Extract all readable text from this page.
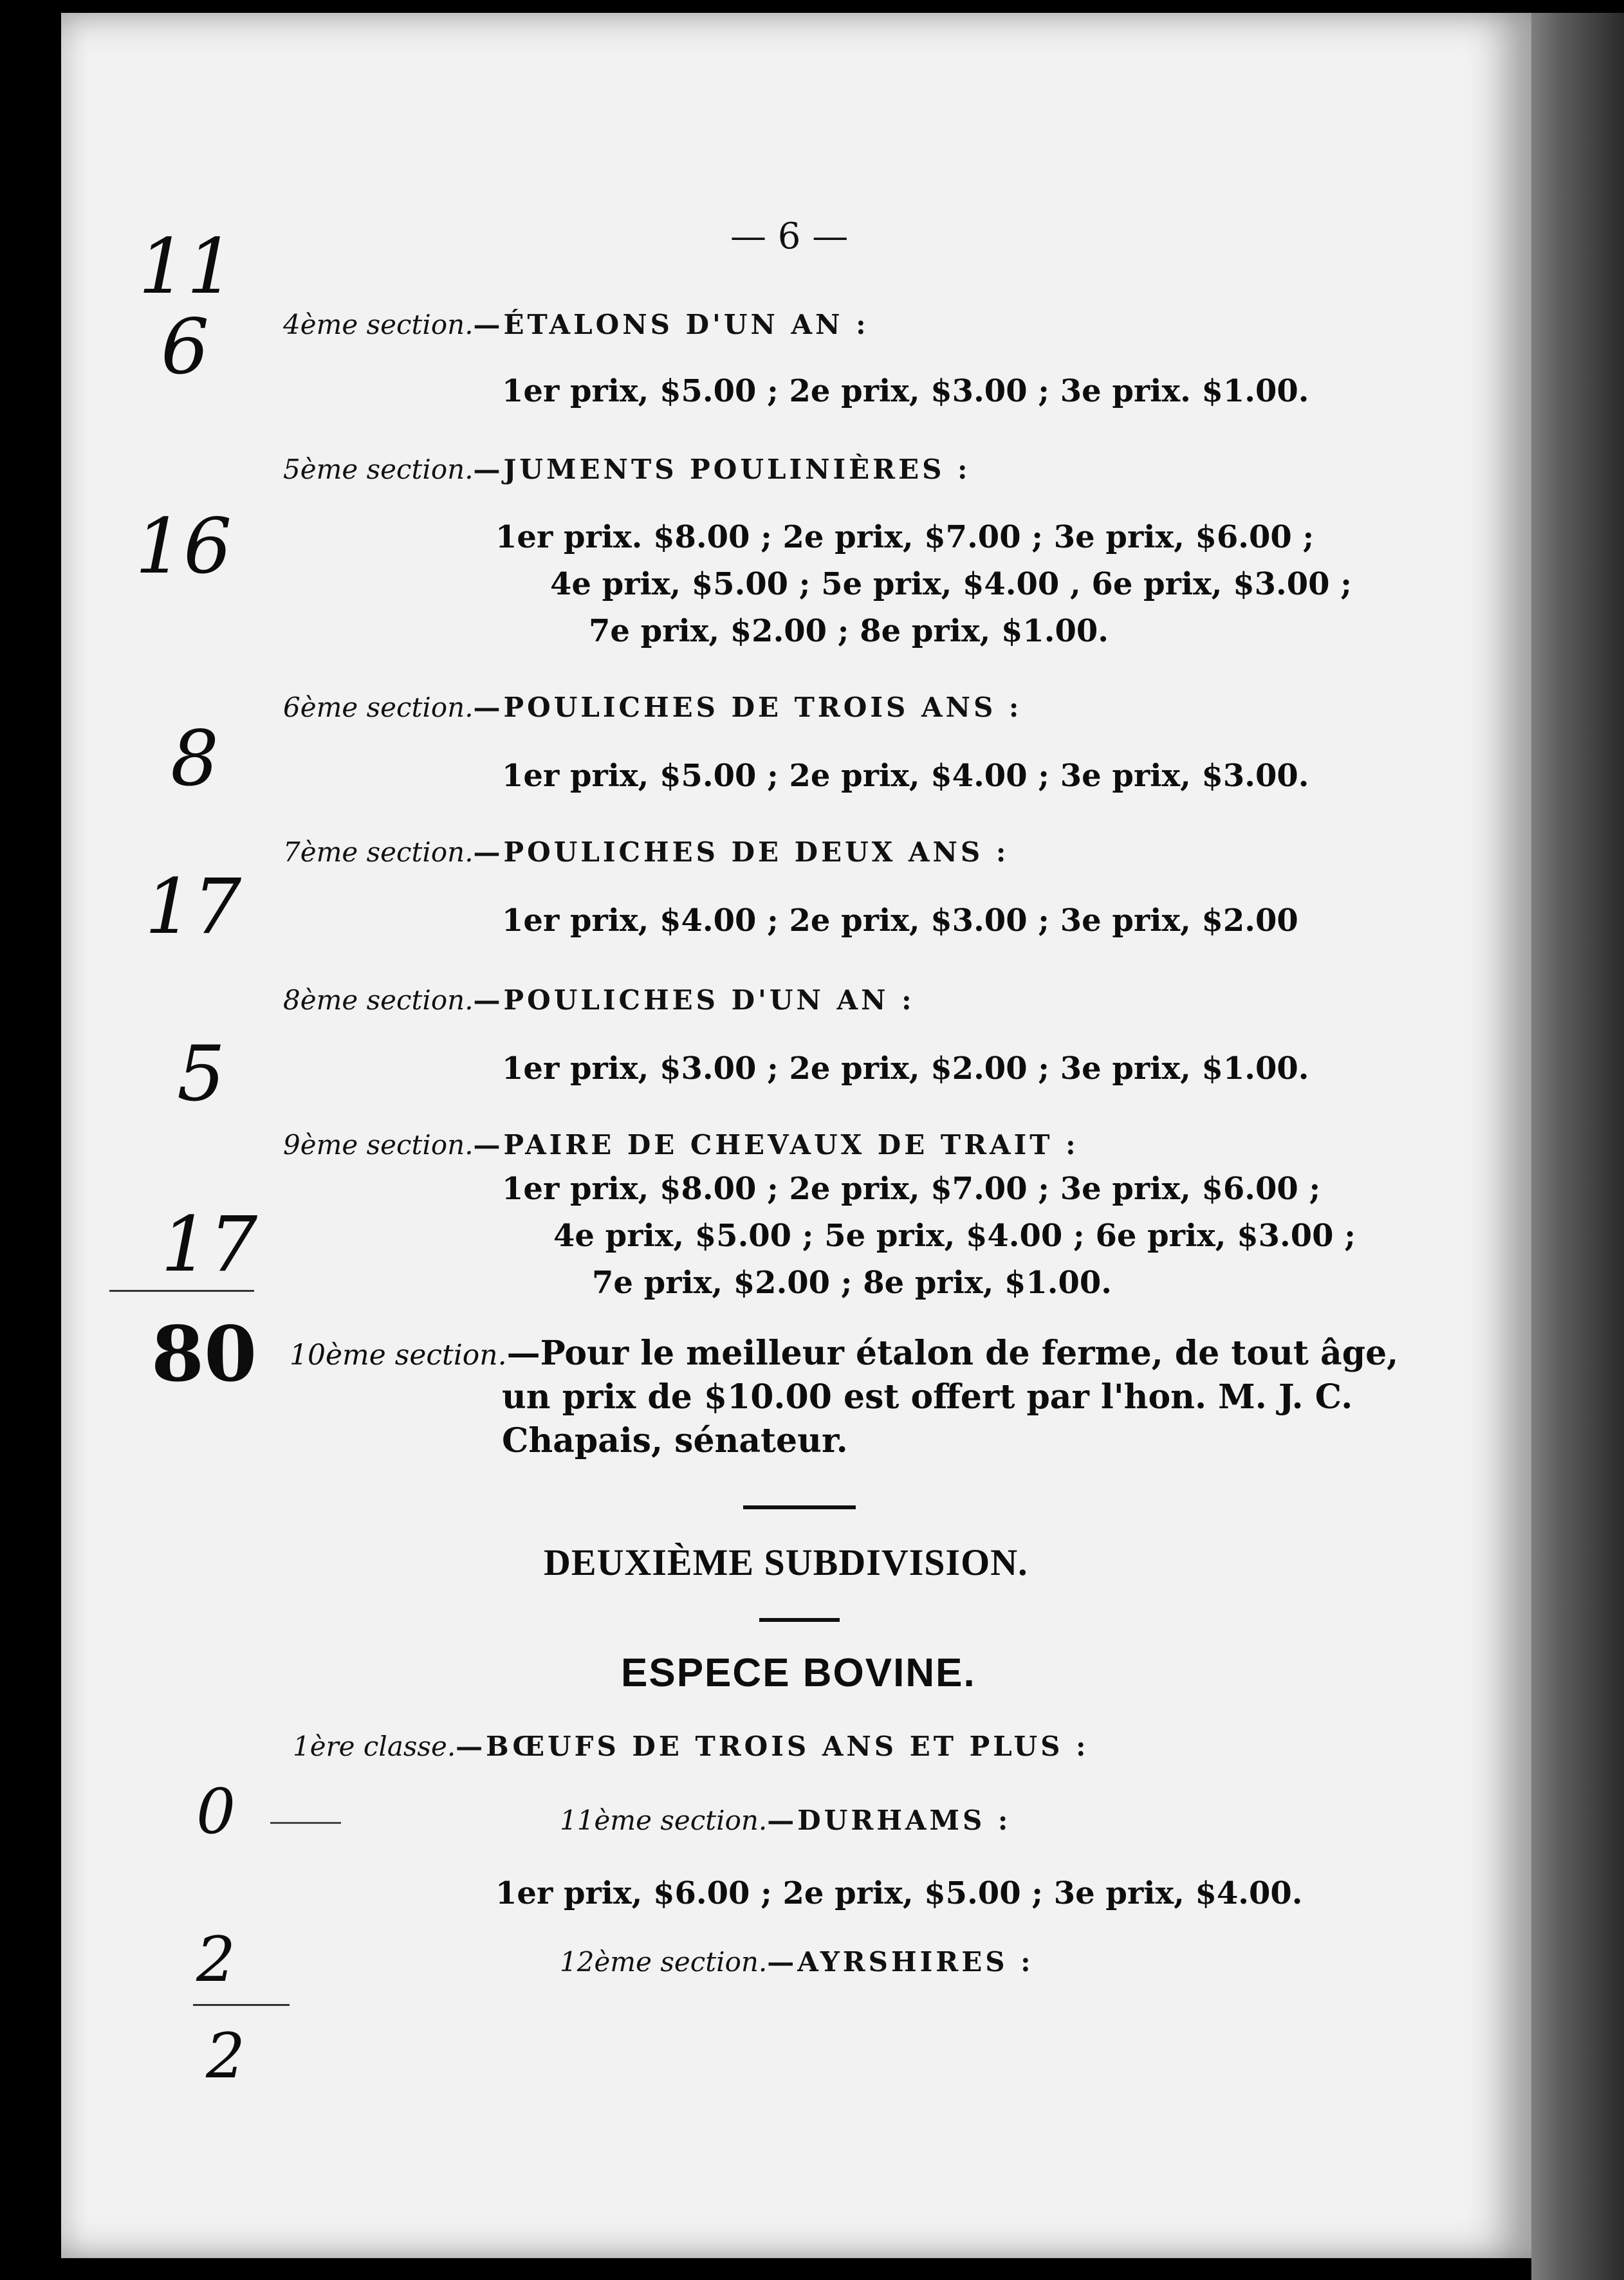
— 6 —
11
6
16
8
17
5
17
80
0
2
2
4ème section.—ÉTALONS D'UN AN :
1er prix, $5.00 ; 2e prix, $3.00 ; 3e prix. $1.00.
5ème section.—JUMENTS POULINIÈRES :
1er prix. $8.00 ; 2e prix, $7.00 ; 3e prix, $6.00 ;
4e prix, $5.00 ; 5e prix, $4.00 , 6e prix, $3.00 ;
7e prix, $2.00 ; 8e prix, $1.00.
6ème section.—POULICHES DE TROIS ANS :
1er prix, $5.00 ; 2e prix, $4.00 ; 3e prix, $3.00.
7ème section.—POULICHES DE DEUX ANS :
1er prix, $4.00 ; 2e prix, $3.00 ; 3e prix, $2.00
8ème section.—POULICHES D'UN AN :
1er prix, $3.00 ; 2e prix, $2.00 ; 3e prix, $1.00.
9ème section.—PAIRE DE CHEVAUX DE TRAIT :
1er prix, $8.00 ; 2e prix, $7.00 ; 3e prix, $6.00 ;
4e prix, $5.00 ; 5e prix, $4.00 ; 6e prix, $3.00 ;
7e prix, $2.00 ; 8e prix, $1.00.
10ème section.—Pour le meilleur étalon de ferme, de tout âge,
un prix de $10.00 est offert par l'hon. M. J. C.
Chapais, sénateur.
DEUXIÈME SUBDIVISION.
ESPECE BOVINE.
1ère classe.—BŒUFS DE TROIS ANS ET PLUS :
11ème section.—DURHAMS :
1er prix, $6.00 ; 2e prix, $5.00 ; 3e prix, $4.00.
12ème section.—AYRSHIRES :
